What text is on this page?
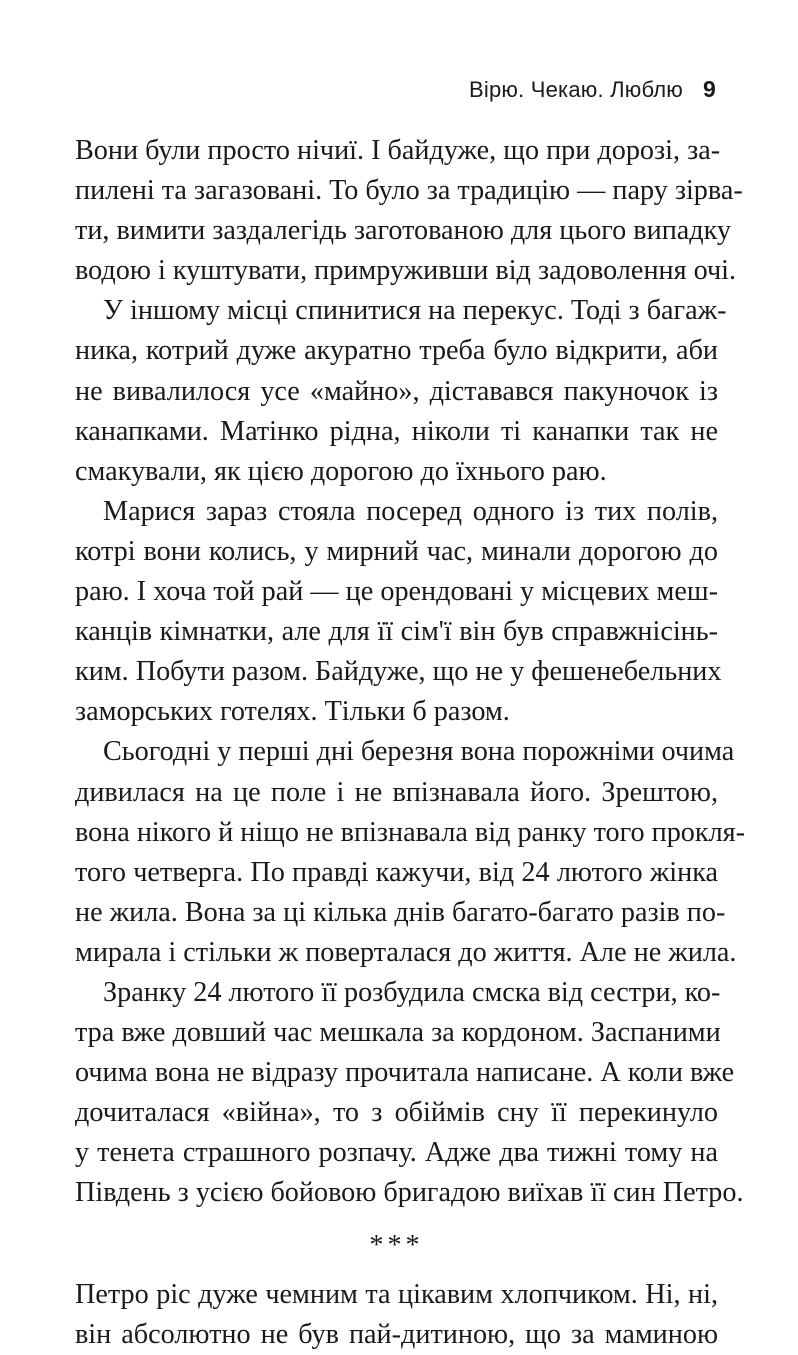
Вірю. Чекаю. Люблю 9

Вони були просто нічиї. І байдуже, що при дорозі, за-
пилені та загазовані. То було за традицію — пару зірва-
ти, вимити заздалегідь заготованою для цього випадку
водою і куштувати, примруживши від задоволення очі.

У іншому місці спинитися на перекус. Тоді з багаж-
ника, котрий дуже акуратно треба було відкрити, аби
не вивалилося усе «майно», діставався пакуночок із
канапками. Матінко рідна, ніколи ті канапки так не
смакували, як цією дорогою до їхнього раю.

Марися зараз стояла посеред одного із тих полів,
котрі вони колись, у мирний час, минали дорогою до
раю. І хоча той рай — це орендовані у місцевих меш-
канців кімнатки, але для її сім'ї він був справжнісінь-
ким. Побути разом. Байдуже, що не у фешенебельних
заморських готелях. Тільки б разом.

Сьогодні у перші дні березня вона порожніми очима
дивилася на це поле і не впізнавала його. Зрештою,
вона нікого й ніщо не впізнавала від ранку того прокля-
того четверга. По правді кажучи, від 24 лютого жінка
не жила. Вона за ці кілька днів багато-багато разів по-
мирала і стільки ж поверталася до життя. Але не жила.

Зранку 24 лютого її розбудила смска від сестри, ко-
тра вже довший час мешкала за кордоном. Заспаними
очима вона не відразу прочитала написане. А коли вже
дочиталася «війна», то з обіймів сну її перекинуло
у тенета страшного розпачу. Адже два тижні тому на
Південь з усією бойовою бригадою виїхав її син Петро.

***

Петро ріс дуже чемним та цікавим хлопчиком. Ні, ні,
він абсолютно не був пай-дитиною, що за маминою
